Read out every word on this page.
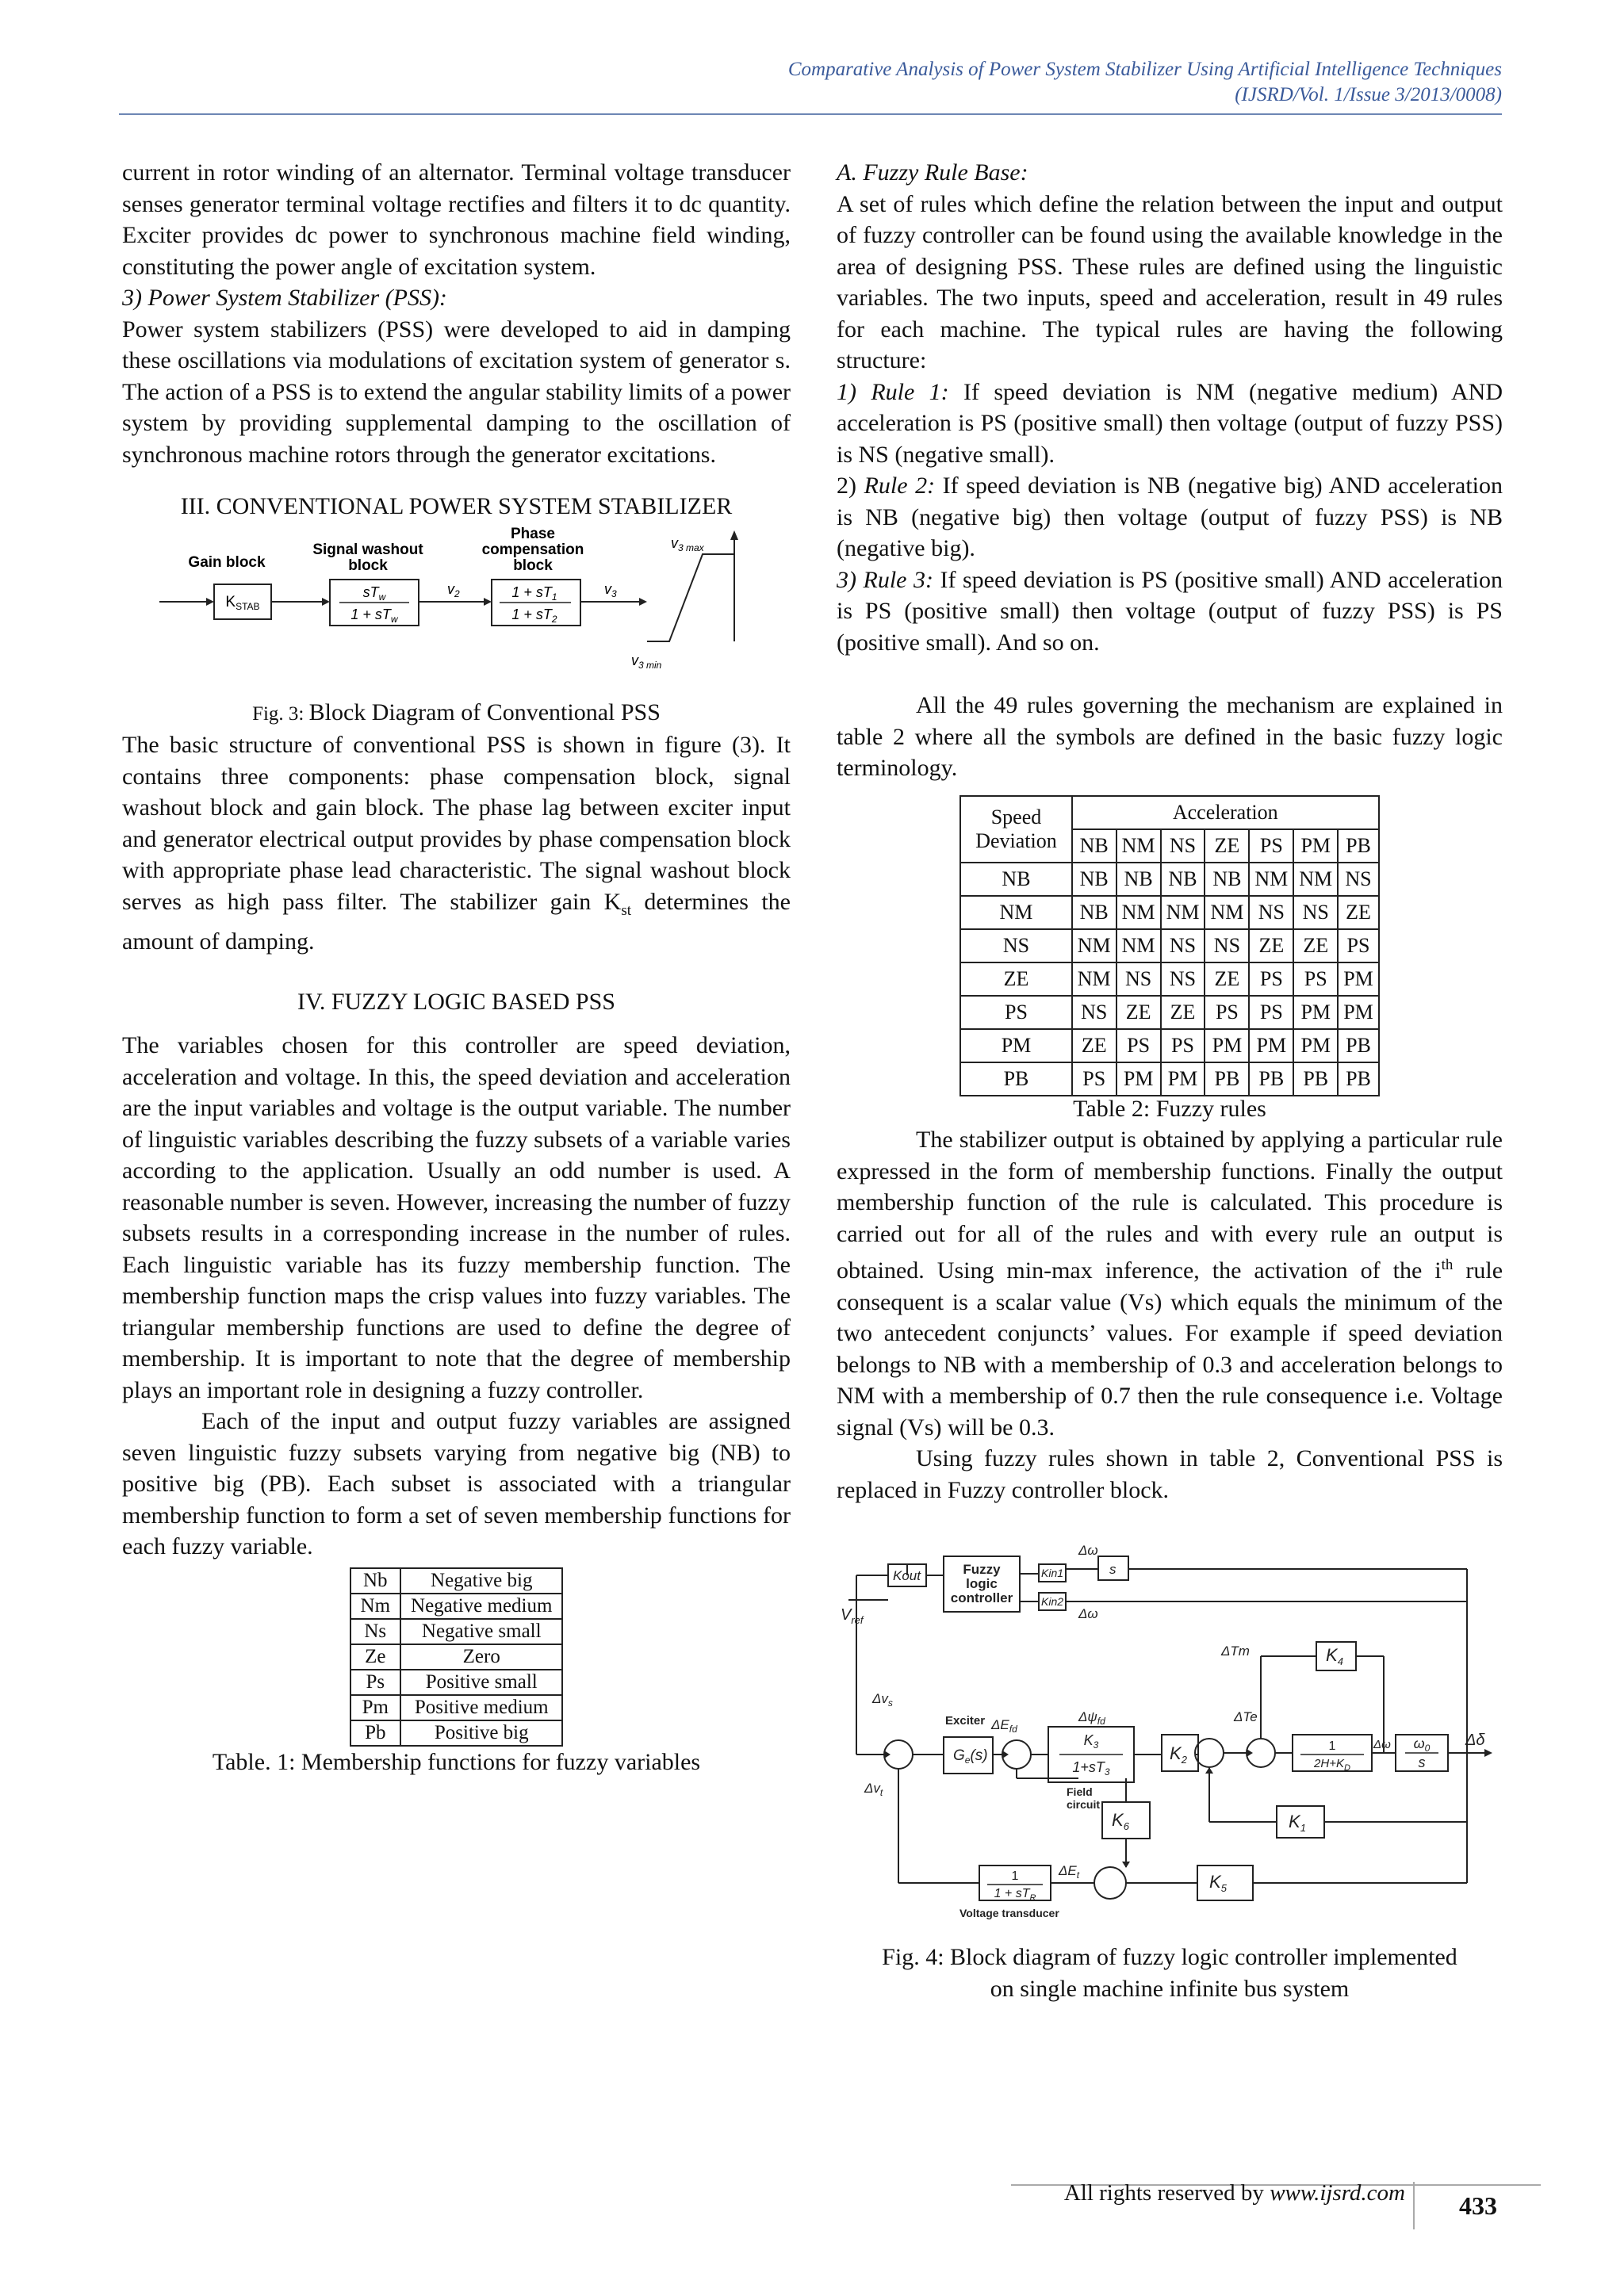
Comparative Analysis of Power System Stabilizer Using Artificial Intelligence Techniques
(IJSRD/Vol. 1/Issue 3/2013/0008)

current in rotor winding of an alternator. Terminal voltage transducer senses generator terminal voltage rectifies and filters it to dc quantity. Exciter provides dc power to synchronous machine field winding, constituting the power angle of excitation system.

3) Power System Stabilizer (PSS):

Power system stabilizers (PSS) were developed to aid in damping these oscillations via modulations of excitation system of generator s. The action of a PSS is to extend the angular stability limits of a power system by providing supplemental damping to the oscillation of synchronous machine rotors through the generator excitations.

III. CONVENTIONAL POWER SYSTEM STABILIZER

Gain block
Signal washout
block
Phase
compensation
block
$K_{STAB}$
$sT_w$
$1 + sT_w$
$v_2$	$1 + sT_1$
$1 + sT_2$
$v_3$
$v_{3 max}$
$v_{3 min}$

Fig. 3: Block Diagram of Conventional PSS

The basic structure of conventional PSS is shown in figure (3). It contains three components: phase compensation block, signal washout block and gain block. The phase lag between exciter input and generator electrical output provides by phase compensation block with appropriate phase lead characteristic. The signal washout block serves as high pass filter. The stabilizer gain $K_{st}$ determines the amount of damping.

IV. FUZZY LOGIC BASED PSS

The variables chosen for this controller are speed deviation, acceleration and voltage. In this, the speed deviation and acceleration are the input variables and voltage is the output variable. The number of linguistic variables describing the fuzzy subsets of a variable varies according to the application. Usually an odd number is used. A reasonable number is seven. However, increasing the number of fuzzy subsets results in a corresponding increase in the number of rules. Each linguistic variable has its fuzzy membership function. The membership function maps the crisp values into fuzzy variables. The triangular membership functions are used to define the degree of membership. It is important to note that the degree of membership plays an important role in designing a fuzzy controller.

Each of the input and output fuzzy variables are assigned seven linguistic fuzzy subsets varying from negative big (NB) to positive big (PB). Each subset is associated with a triangular membership function to form a set of seven membership functions for each fuzzy variable.

Nb	Negative big
Nm	Negative medium
Ns	Negative small
Ze	Zero
Ps	Positive small
Pm	Positive medium
Pb	Positive big

Table. 1: Membership functions for fuzzy variables

A. Fuzzy Rule Base:

A set of rules which define the relation between the input and output of fuzzy controller can be found using the available knowledge in the area of designing PSS. These rules are defined using the linguistic variables. The two inputs, speed and acceleration, result in 49 rules for each machine. The typical rules are having the following structure:

1) Rule 1: If speed deviation is NM (negative medium) AND acceleration is PS (positive small) then voltage (output of fuzzy PSS) is NS (negative small).

2) Rule 2: If speed deviation is NB (negative big) AND acceleration is NB (negative big) then voltage (output of fuzzy PSS) is NB (negative big).

3) Rule 3: If speed deviation is PS (positive small) AND acceleration is PS (positive small) then voltage (output of fuzzy PSS) is PS (positive small). And so on.

All the 49 rules governing the mechanism are explained in table 2 where all the symbols are defined in the basic fuzzy logic terminology.

Speed
Deviation	Acceleration						
	NB	NM	NS	ZE	PS	PM	PB
NB	NB	NB	NB	NB	NM	NM	NS
NM	NB	NM	NM	NM	NS	NS	ZE
NS	NM	NM	NS	NS	ZE	ZE	PS
ZE	NM	NS	NS	ZE	PS	PS	PM
PS	NS	ZE	ZE	PS	PS	PM	PM
PM	ZE	PS	PS	PM	PM	PM	PB
PB	PS	PM	PM	PB	PB	PB	PB

Table 2: Fuzzy rules

The stabilizer output is obtained by applying a particular rule expressed in the form of membership functions. Finally the output membership function of the rule is calculated. This procedure is carried out for all of the rules and with every rule an output is obtained. Using min-max inference, the activation of the $i^{th}$ rule consequent is a scalar value (Vs) which equals the minimum of the two antecedent conjuncts’ values. For example if speed deviation belongs to NB with a membership of 0.3 and acceleration belongs to NM with a membership of 0.7 then the rule consequence i.e. Voltage signal (Vs) will be 0.3.

Using fuzzy rules shown in table 2, Conventional PSS is replaced in Fuzzy controller block.

Kout	Fuzzy
logic
controller
Kin1
Kin2
s
Δω
Δω
$V_{ref}$
ΔTm	$K_4$
$\Delta v_s$
Exciter
$G_e(s)$
$\Delta E_{fd}$
$\Delta\psi_{fd}$
$K_3$
$1+sT_3$
Field
circuit
$K_2$
ΔTe
1
$2H+K_D$
Δω $\omega_0$
s
Δδ
$\Delta v_t$
$K_6$	$K_1$
$K_5$
1
$1 + sT_R$
$\Delta E_t$
Voltage transducer

Fig. 4: Block diagram of fuzzy logic controller implemented
on single machine infinite bus system

All rights reserved by www.ijsrd.com	433
